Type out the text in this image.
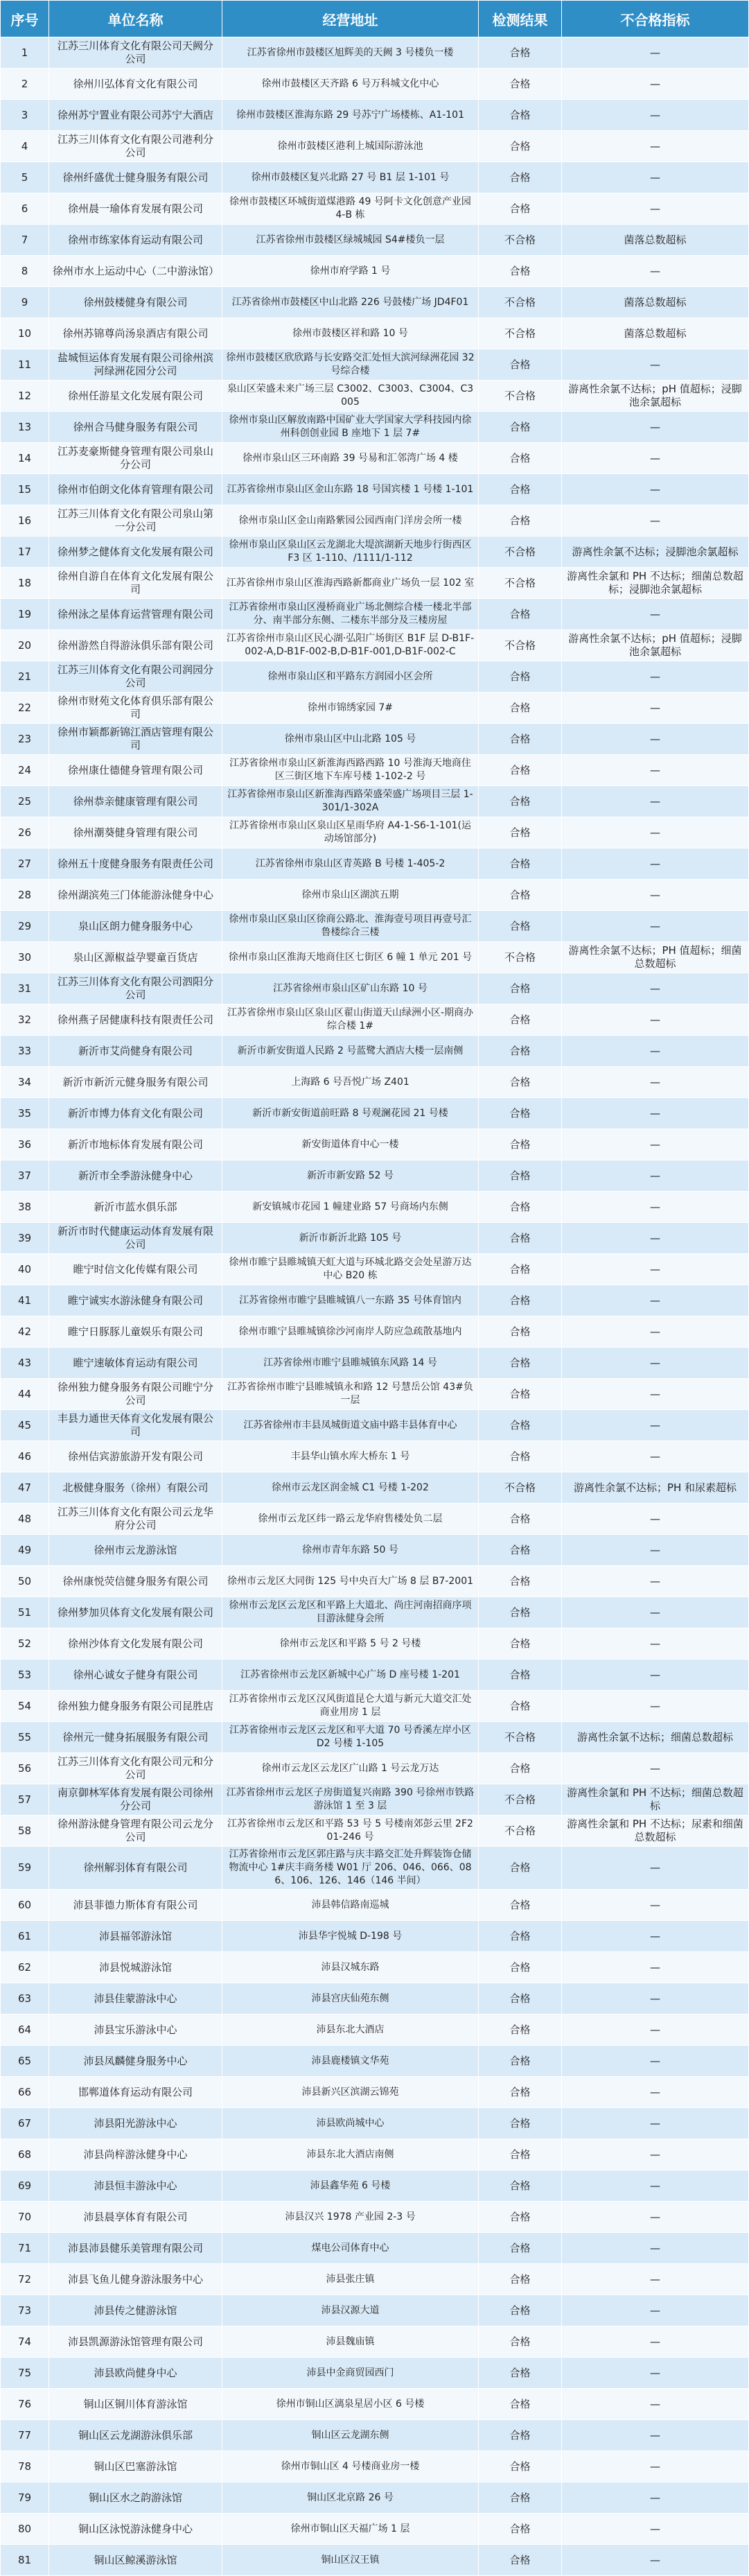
序号	单位名称	经营地址	检测结果	不合格指标
1	江苏三川体育文化有限公司天阙分公司	江苏省徐州市鼓楼区旭辉美的天阙 3 号楼负一楼	合格	—
2	徐州川弘体育文化有限公司	徐州市鼓楼区天齐路 6 号万科城文化中心	合格	—
3	徐州苏宁置业有限公司苏宁大酒店	徐州市鼓楼区淮海东路 29 号苏宁广场楼栋、A1-101	合格	—
4	江苏三川体育文化有限公司港利分公司	徐州市鼓楼区港利上城国际游泳池	合格	—
5	徐州纤盛优士健身服务有限公司	徐州市鼓楼区复兴北路 27 号 B1 层 1-101 号	合格	—
6	徐州晨一瑜体育发展有限公司	徐州市鼓楼区环城街道煤港路 49 号阿卡文化创意产业园 4-B 栋	合格	—
7	徐州市练家体育运动有限公司	江苏省徐州市鼓楼区绿城城园 S4#楼负一层	不合格	菌落总数超标
8	徐州市水上运动中心（二中游泳馆）	徐州市府学路 1 号	合格	—
9	徐州鼓楼健身有限公司	江苏省徐州市鼓楼区中山北路 226 号鼓楼广场 JD4F01	不合格	菌落总数超标
10	徐州苏锦尊尚汤泉酒店有限公司	徐州市鼓楼区祥和路 10 号	不合格	菌落总数超标
11	盐城恒运体育发展有限公司徐州滨河绿洲花园分公司	徐州市鼓楼区欣欣路与长安路交汇处恒大滨河绿洲花园 32 号综合楼	合格	—
12	徐州任游星文化发展有限公司	泉山区荣盛未来广场三层 C3002、C3003、C3004、C3005	不合格	游离性余氯不达标；pH 值超标；浸脚池余氯超标
13	徐州合马健身服务有限公司	徐州市泉山区解放南路中国矿业大学国家大学科技园内徐州科创创业园 B 座地下 1 层 7#	合格	—
14	江苏麦豪斯健身管理有限公司泉山分公司	徐州市泉山区三环南路 39 号易和汇邻湾广场 4 楼	合格	—
15	徐州市伯朗文化体育管理有限公司	江苏省徐州市泉山区金山东路 18 号国宾楼 1 号楼 1-101	合格	—
16	江苏三川体育文化有限公司泉山第一分公司	徐州市泉山区金山南路紫园公园西南门洋房会所一楼	合格	—
17	徐州梦之健体育文化发展有限公司	徐州市泉山区泉山区云龙湖北大堤滨湖新天地步行街西区 F3 区 1-110、/1111/1-112	不合格	游离性余氯不达标；浸脚池余氯超标
18	徐州自游自在体育文化发展有限公司	江苏省徐州市泉山区淮海西路新都商业广场负一层 102 室	不合格	游离性余氯和 PH 不达标；细菌总数超标；浸脚池余氯超标
19	徐州泳之星体育运营管理有限公司	江苏省徐州市泉山区漫桥商业广场北侧综合楼一楼北半部分、南半部分东侧、二楼东半部分及三楼房屋	合格	—
20	徐州游然自得游泳俱乐部有限公司	江苏省徐州市泉山区民心湖·弘阳广场街区 B1F 层 D-B1F-002-A,D-B1F-002-B,D-B1F-001,D-B1F-002-C	不合格	游离性余氯不达标；pH 值超标；浸脚池余氯超标
21	江苏三川体育文化有限公司润园分公司	徐州市泉山区和平路东方润园小区会所	合格	—
22	徐州市财苑文化体育俱乐部有限公司	徐州市锦绣家园 7#	合格	—
23	徐州市颖都新锦江酒店管理有限公司	徐州市泉山区中山北路 105 号	合格	—
24	徐州康仕德健身管理有限公司	江苏省徐州市泉山区新淮海西路西路 10 号淮海天地商住区三街区地下车库号楼 1-102-2 号	合格	—
25	徐州恭亲健康管理有限公司	江苏省徐州市泉山区新淮海西路荣盛荣盛广场项目三层 1-301/1-302A	合格	—
26	徐州潮葵健身管理有限公司	江苏省徐州市泉山区泉山区星雨华府 A4-1-S6-1-101(运动场馆部分)	合格	—
27	徐州五十度健身服务有限责任公司	江苏省徐州市泉山区青英路 B 号楼 1-405-2	合格	—
28	徐州湖滨苑三门体能游泳健身中心	徐州市泉山区湖滨五期	合格	—
29	泉山区朗力健身服务中心	徐州市泉山区泉山区徐商公路北、淮海壹号项目再壹号汇鲁楼综合三楼	合格	—
30	泉山区源椒益孕婴童百货店	徐州市泉山区淮海天地商住区七街区 6 幢 1 单元 201 号	不合格	游离性余氯不达标；PH 值超标；细菌总数超标
31	江苏三川体育文化有限公司泗阳分公司	江苏省徐州市泉山区矿山东路 10 号	合格	—
32	徐州燕子居健康科技有限责任公司	江苏省徐州市泉山区泉山区翟山街道天山绿洲小区-期商办综合楼 1#	合格	—
33	新沂市艾尚健身有限公司	新沂市新安街道人民路 2 号蓝鹭大酒店大楼一层南侧	合格	—
34	新沂市新沂元健身服务有限公司	上海路 6 号吾悦广场 Z401	合格	—
35	新沂市博力体育文化有限公司	新沂市新安街道前旺路 8 号观澜花园 21 号楼	合格	—
36	新沂市地标体育发展有限公司	新安街道体育中心一楼	合格	—
37	新沂市全季游泳健身中心	新沂市新安路 52 号	合格	—
38	新沂市蓝水俱乐部	新安镇城市花园 1 幢建业路 57 号商场内东侧	合格	—
39	新沂市时代健康运动体育发展有限公司	新沂市新沂北路 105 号	合格	—
40	睢宁时信文化传媒有限公司	徐州市睢宁县睢城镇天虹大道与环城北路交会处星游万达中心 B20 栋	合格	—
41	睢宁诚实水游泳健身有限公司	江苏省徐州市睢宁县睢城镇八一东路 35 号体育馆内	合格	—
42	睢宁日豚豚儿童娱乐有限公司	徐州市睢宁县睢城镇徐沙河南岸人防应急疏散基地内	合格	—
43	睢宁速敏体育运动有限公司	江苏省徐州市睢宁县睢城镇东风路 14 号	合格	—
44	徐州独力健身服务有限公司睢宁分公司	江苏省徐州市睢宁县睢城镇永和路 12 号慧岳公馆 43#负一层	合格	—
45	丰县力通世天体育文化发展有限公司	江苏省徐州市丰县凤城街道文庙中路丰县体育中心	合格	—
46	徐州佶宾游旅游开发有限公司	丰县华山镇水库大桥东 1 号	合格	—
47	北极健身服务（徐州）有限公司	徐州市云龙区润金城 C1 号楼 1-202	不合格	游离性余氯不达标；PH 和尿素超标
48	江苏三川体育文化有限公司云龙华府分公司	徐州市云龙区纬一路云龙华府售楼处负二层	合格	—
49	徐州市云龙游泳馆	徐州市青年东路 50 号	合格	—
50	徐州康悦荧信健身服务有限公司	徐州市云龙区大同街 125 号中央百大广场 8 层 B7-2001	合格	—
51	徐州梦加贝体育文化发展有限公司	徐州市云龙区云龙区和平路上大道北、尚庄河南招商序项目游泳健身会所	合格	—
52	徐州沙体育文化发展有限公司	徐州市云龙区和平路 5 号 2 号楼	合格	—
53	徐州心诚女子健身有限公司	江苏省徐州市云龙区新城中心广场 D 座号楼 1-201	合格	—
54	徐州独力健身服务有限公司昆胜店	江苏省徐州市云龙区汉风街道昆仑大道与新元大道交汇处商业用房 1 层	合格	—
55	徐州元一健身拓展服务有限公司	江苏省徐州市云龙区云龙区和平大道 70 号香溪左岸小区 D2 号楼 1-105	不合格	游离性余氯不达标；细菌总数超标
56	江苏三川体育文化有限公司元和分公司	徐州市云龙区云龙区广山路 1 号云龙万达	合格	—
57	南京御林军体育发展有限公司徐州分公司	江苏省徐州市云龙区子房街道复兴南路 390 号徐州市铁路游泳馆 1 至 3 层	不合格	游离性余氯和 PH 不达标；细菌总数超标
58	徐州游泳健身管理有限公司云龙分公司	江苏省徐州市云龙区和平路 53 号 5 号楼南郊彭云里 2F201-246 号	不合格	游离性余氯和 PH 不达标；尿素和细菌总数超标
59	徐州解羽体育有限公司	江苏省徐州市云龙区郭庄路与庆丰路交汇处升辉装饰仓储物流中心 1#庆丰商务楼 W01 厅 206、046、066、086、106、126、146（146 半间）	合格	—
60	沛县菲德力斯体育有限公司	沛县韩信路南巡城	合格	—
61	沛县福邻游泳馆	沛县华宇悦城 D-198 号	合格	—
62	沛县悦城游泳馆	沛县汉城东路	合格	—
63	沛县佳蒙游泳中心	沛县宫庆仙苑东侧	合格	—
64	沛县宝乐游泳中心	沛县东北大酒店	合格	—
65	沛县凤麟健身服务中心	沛县鹿楼镇文华苑	合格	—
66	邯郸道体育运动有限公司	沛县新兴区滨湖云锦苑	合格	—
67	沛县阳光游泳中心	沛县欧尚城中心	合格	—
68	沛县尚梓游泳健身中心	沛县东北大酒店南侧	合格	—
69	沛县恒丰游泳中心	沛县鑫华苑 6 号楼	合格	—
70	沛县晨享体育有限公司	沛县汉兴 1978 产业园 2-3 号	合格	—
71	沛县沛县健乐美管理有限公司	煤电公司体育中心	合格	—
72	沛县飞鱼儿健身游泳服务中心	沛县张庄镇	合格	—
73	沛县传之健游泳馆	沛县汉源大道	合格	—
74	沛县凯源游泳馆管理有限公司	沛县魏庙镇	合格	—
75	沛县欧尚健身中心	沛县中金商贸园西门	合格	—
76	铜山区铜川体育游泳馆	徐州市铜山区漓泉星居小区 6 号楼	合格	—
77	铜山区云龙湖游泳俱乐部	铜山区云龙湖东侧	合格	—
78	铜山区巴塞游泳馆	徐州市铜山区 4 号楼商业房一楼	合格	—
79	铜山区水之韵游泳馆	铜山区北京路 26 号	合格	—
80	铜山区泳悦游泳健身中心	徐州市铜山区天福广场 1 层	合格	—
81	铜山区鲸溪游泳馆	铜山区汉王镇	合格	—
